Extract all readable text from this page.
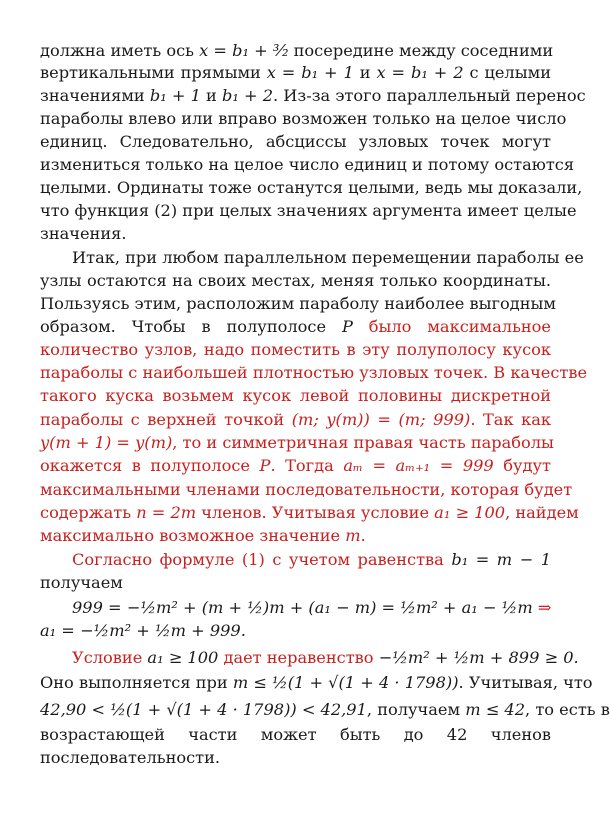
должна иметь ось x = b₁ + ³⁄₂ посередине между соседними
вертикальными прямыми x = b₁ + 1 и x = b₁ + 2 с целыми
значениями b₁ + 1 и b₁ + 2. Из-за этого параллельный перенос
параболы влево или вправо возможен только на целое число
единиц. Следовательно, абсциссы узловых точек могут
измениться только на целое число единиц и потому остаются
целыми. Ординаты тоже останутся целыми, ведь мы доказали,
что функция (2) при целых значениях аргумента имеет целые
значения.
Итак, при любом параллельном перемещении параболы ее
узлы остаются на своих местах, меняя только координаты.
Пользуясь этим, расположим параболу наиболее выгодным
образом. Чтобы в полуполосе P было максимальное
количество узлов, надо поместить в эту полуполосу кусок
параболы с наибольшей плотностью узловых точек. В качестве
такого куска возьмем кусок левой половины дискретной
параболы с верхней точкой (m; y(m)) = (m; 999). Так как
y(m + 1) = y(m), то и симметричная правая часть параболы
окажется в полуполосе P. Тогда aₘ = aₘ₊₁ = 999 будут
максимальными членами последовательности, которая будет
содержать n = 2m членов. Учитывая условие a₁ ≥ 100, найдем
максимально возможное значение m.
Согласно формуле (1) с учетом равенства b₁ = m − 1
получаем
999 = −½m² + (m + ½)m + (a₁ − m) = ½m² + a₁ − ½m ⇒
a₁ = −½m² + ½m + 999.
Условие a₁ ≥ 100 дает неравенство −½m² + ½m + 899 ≥ 0.
Оно выполняется при m ≤ ½(1 + √(1 + 4 · 1798)). Учитывая, что
42,90 < ½(1 + √(1 + 4 · 1798)) < 42,91, получаем m ≤ 42, то есть в
возрастающей части может быть до 42 членов
последовательности.
